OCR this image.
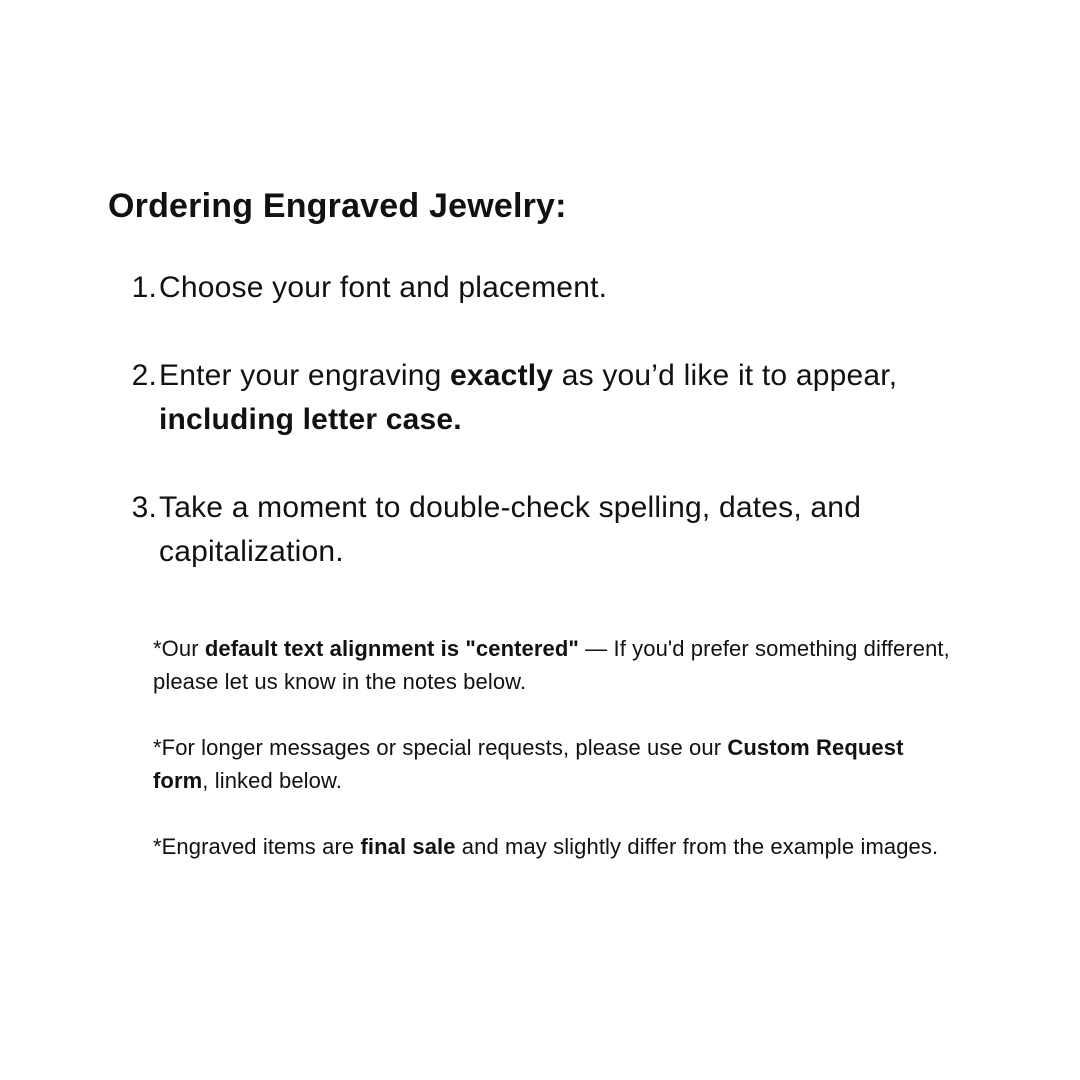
Ordering Engraved Jewelry:
1. Choose your font and placement.
2. Enter your engraving exactly as you’d like it to appear, including letter case.
3. Take a moment to double-check spelling, dates, and capitalization.
*Our default text alignment is "centered" — If you'd prefer something different, please let us know in the notes below.
*For longer messages or special requests, please use our Custom Request form, linked below.
*Engraved items are final sale and may slightly differ from the example images.
